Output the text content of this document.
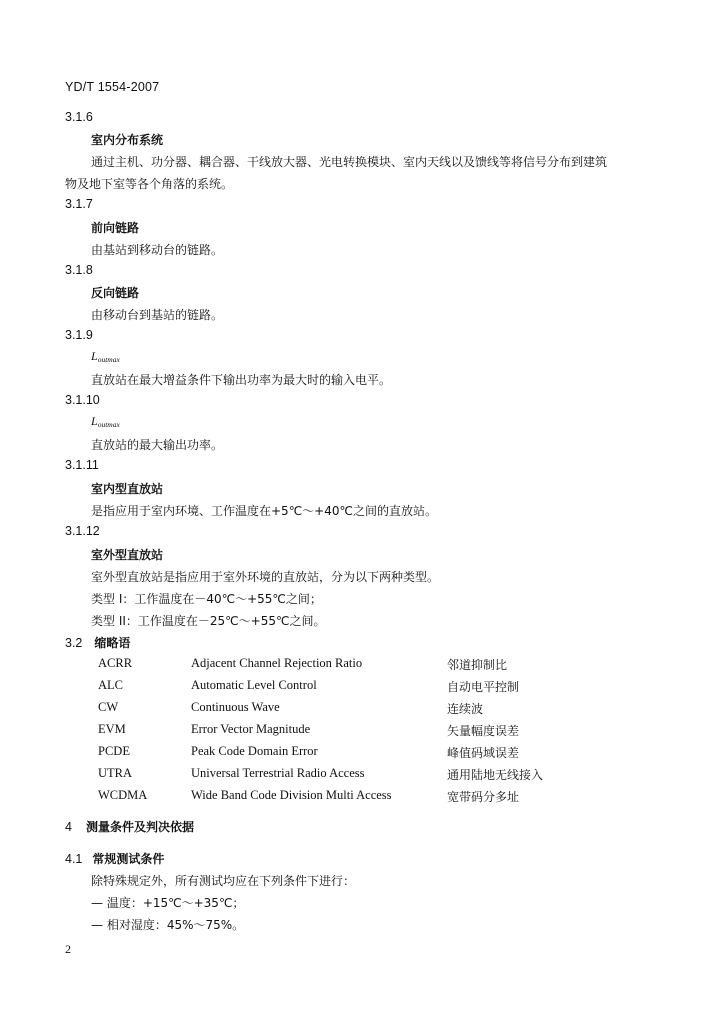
YD/T 1554-2007
3.1.6
室内分布系统
通过主机、功分器、耦合器、干线放大器、光电转换模块、室内天线以及馈线等将信号分布到建筑
物及地下室等各个角落的系统。
3.1.7
前向链路
由基站到移动台的链路。
3.1.8
反向链路
由移动台到基站的链路。
3.1.9
$L_{outmax}$
直放站在最大增益条件下输出功率为最大时的输入电平。
3.1.10
$L_{outmax}$
直放站的最大输出功率。
3.1.11
室内型直放站
是指应用于室内环境、工作温度在+5℃～+40℃之间的直放站。
3.1.12
室外型直放站
室外型直放站是指应用于室外环境的直放站，分为以下两种类型。
类型 I：工作温度在－40℃～+55℃之间；
类型 II：工作温度在－25℃～+55℃之间。
3.2 缩略语
ACRR	Adjacent Channel Rejection Ratio	邻道抑制比
ALC	Automatic Level Control	自动电平控制
CW	Continuous Wave	连续波
EVM	Error Vector Magnitude	矢量幅度误差
PCDE	Peak Code Domain Error	峰值码域误差
UTRA	Universal Terrestrial Radio Access	通用陆地无线接入
WCDMA	Wide Band Code Division Multi Access	宽带码分多址
4 测量条件及判决依据
4.1 常规测试条件
除特殊规定外，所有测试均应在下列条件下进行：
— 温度：+15℃～+35℃；
— 相对湿度：45%～75%。
2
